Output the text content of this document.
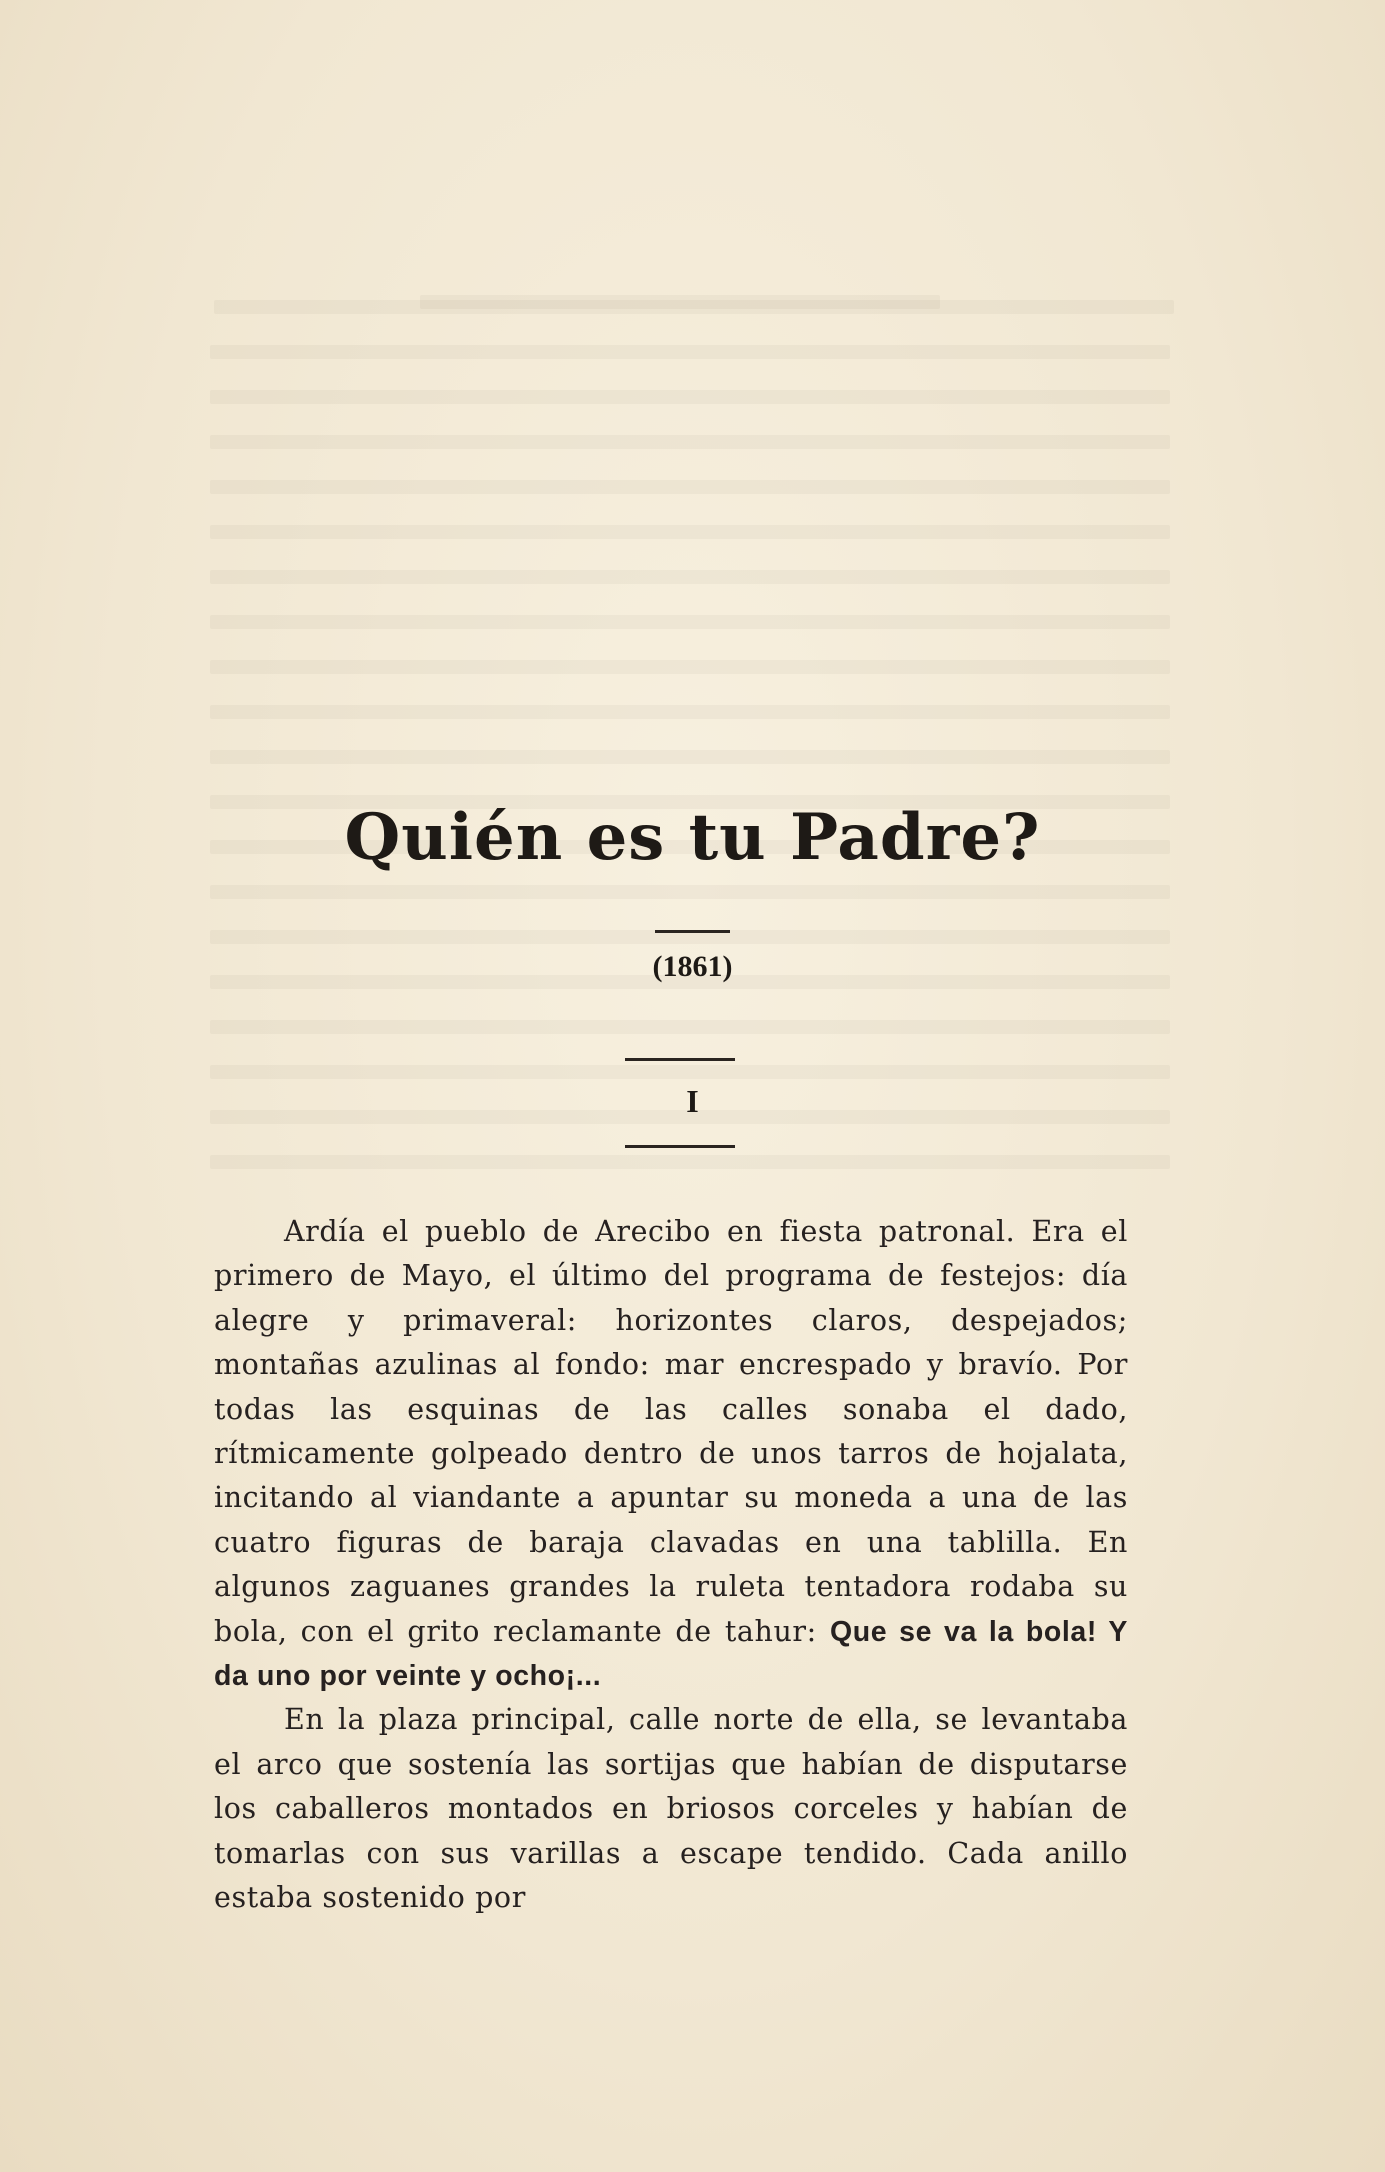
Quién es tu Padre?
(1861)
I

Ardía el pueblo de Arecibo en fiesta patronal. Era el primero de Mayo, el último del programa de festejos: día alegre y primaveral: horizontes claros, despejados; montañas azulinas al fondo: mar encrespado y bravío. Por todas las esquinas de las calles sonaba el dado, rítmicamente golpeado dentro de unos tarros de hojalata, incitando al viandante a apuntar su moneda a una de las cuatro figuras de baraja clavadas en una tablilla. En algunos zaguanes grandes la ruleta tentadora rodaba su bola, con el grito reclamante de tahur: Que se va la bola! Y da uno por veinte y ocho¡...

En la plaza principal, calle norte de ella, se levantaba el arco que sostenía las sortijas que habían de disputarse los caballeros montados en briosos corceles y habían de tomarlas con sus varillas a escape tendido. Cada anillo estaba sostenido por
